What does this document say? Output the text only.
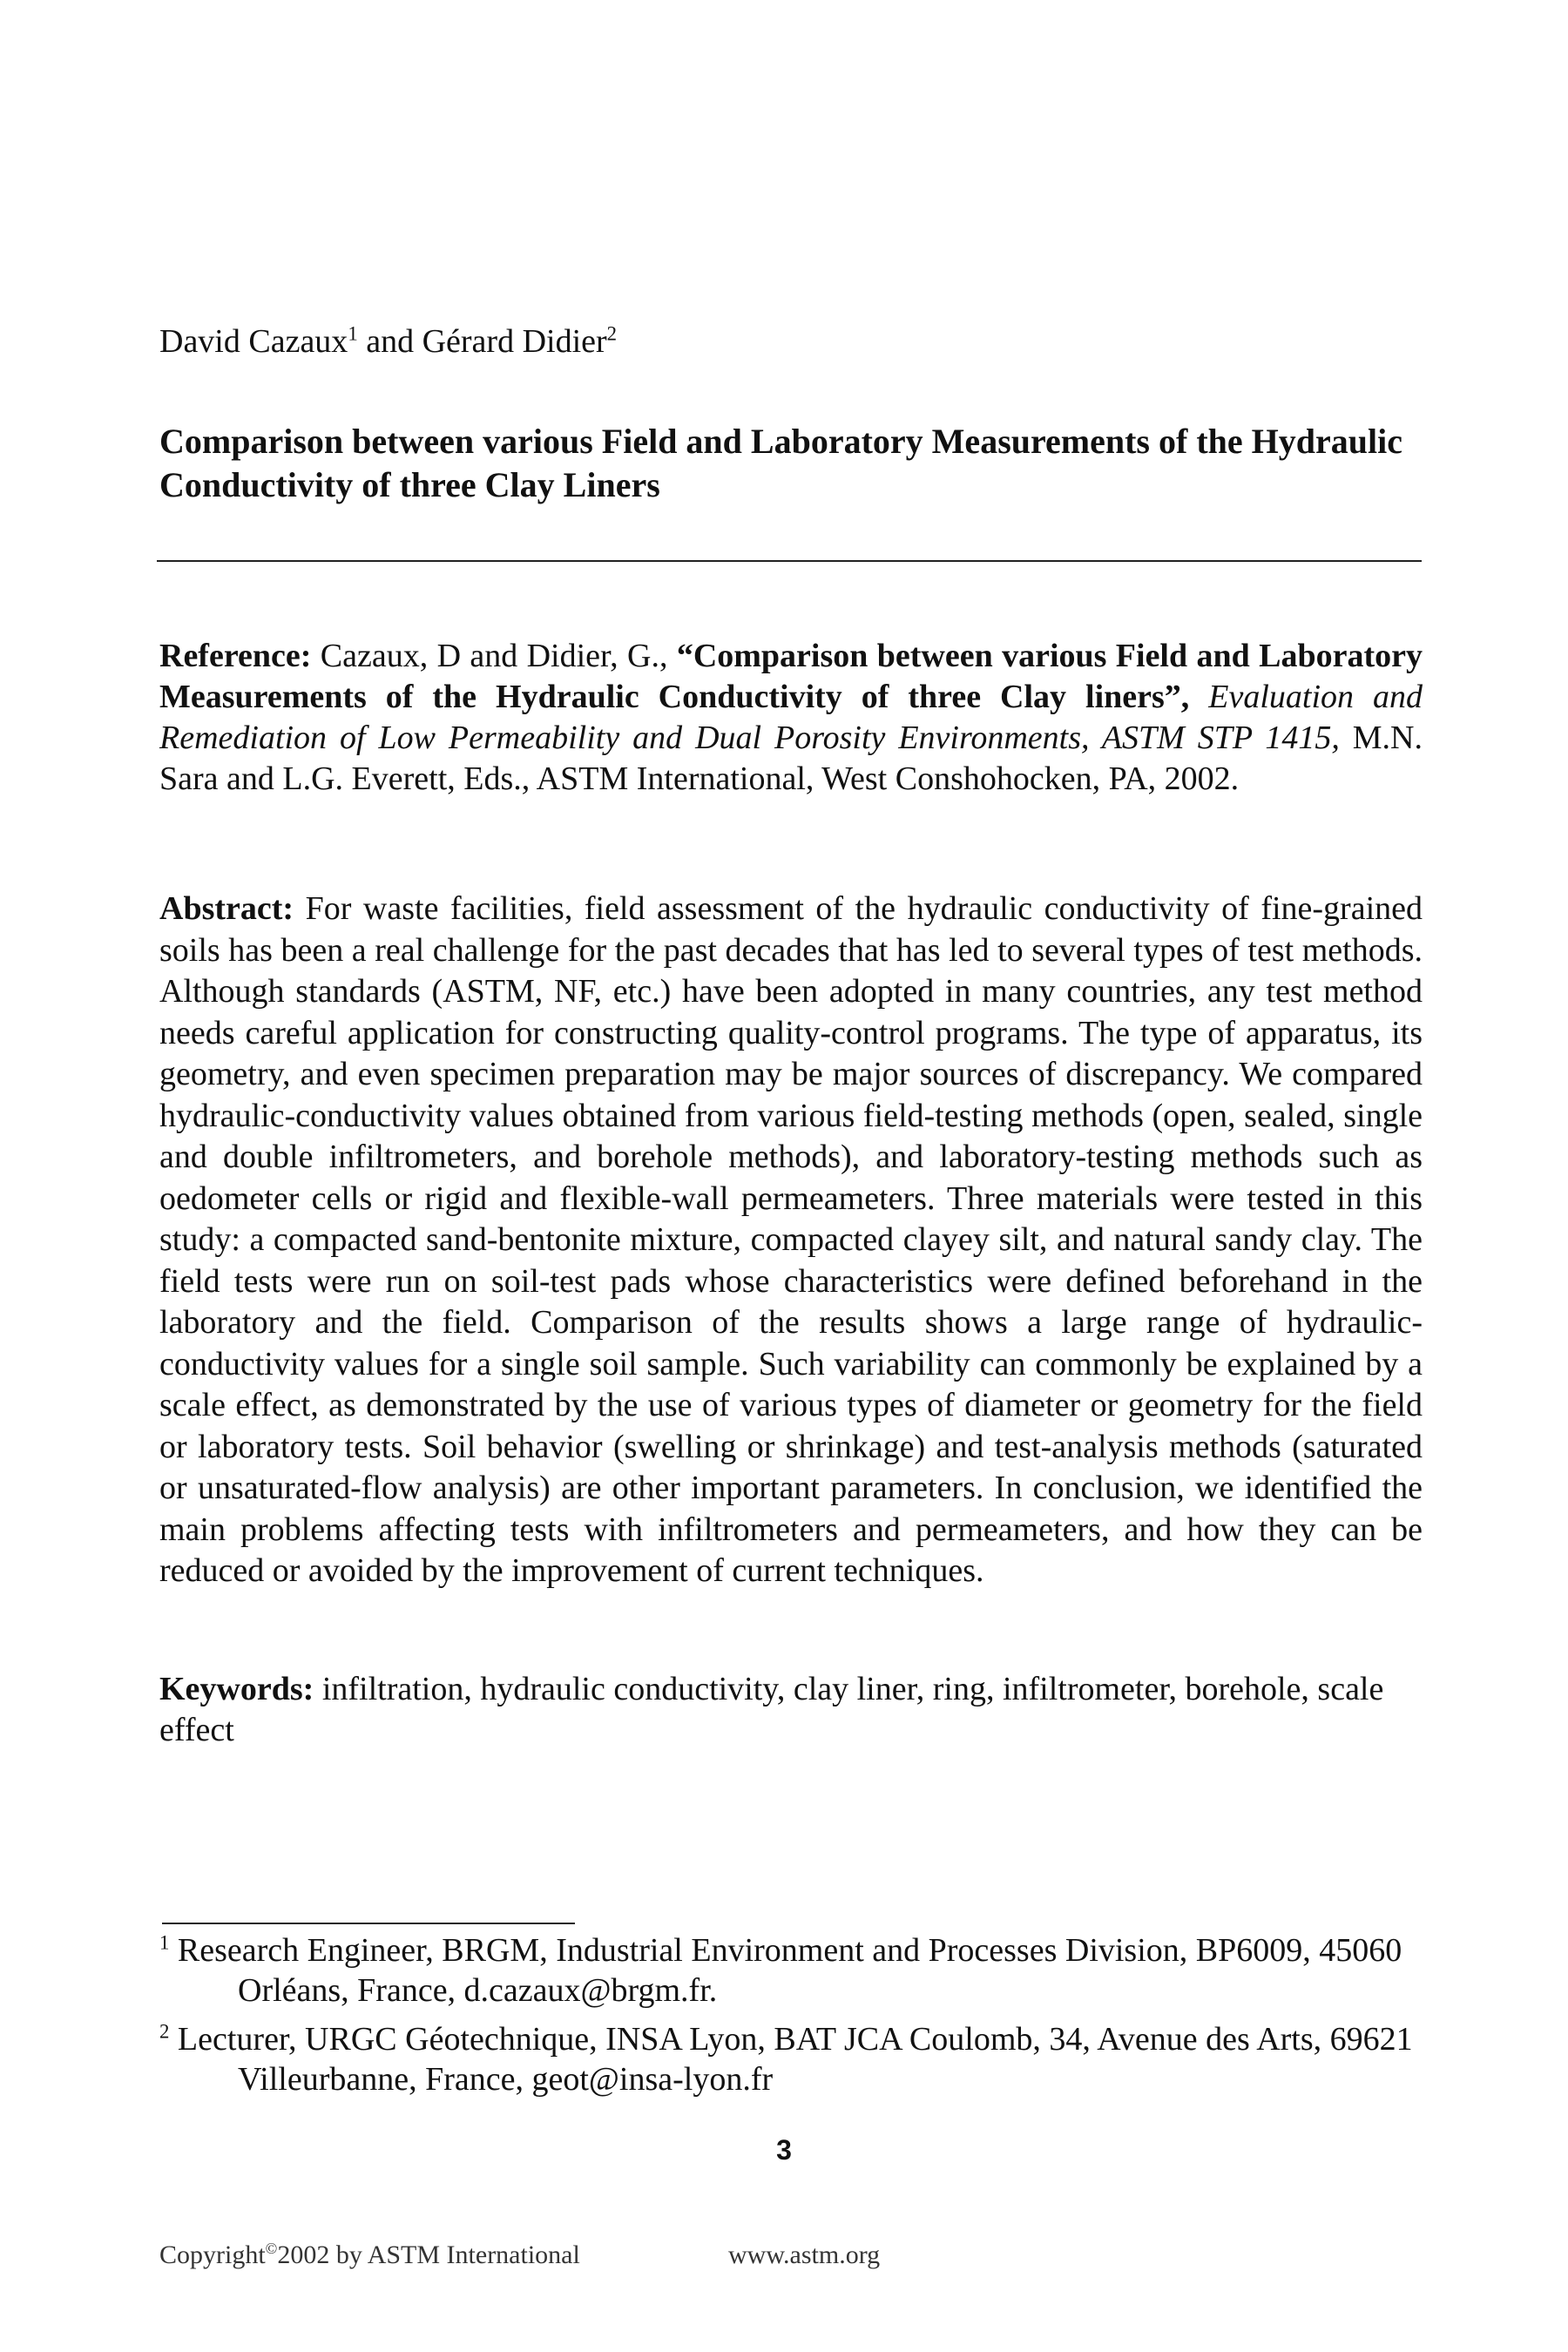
David Cazaux$^1$ and Gérard Didier$^2$
Comparison between various Field and Laboratory Measurements of the Hydraulic Conductivity of three Clay Liners
Reference: Cazaux, D and Didier, G., “Comparison between various Field and Laboratory Measurements of the Hydraulic Conductivity of three Clay liners”, Evaluation and Remediation of Low Permeability and Dual Porosity Environments, ASTM STP 1415, M.N. Sara and L.G. Everett, Eds., ASTM International, West Conshohocken, PA, 2002.
Abstract: For waste facilities, field assessment of the hydraulic conductivity of fine-grained soils has been a real challenge for the past decades that has led to several types of test methods. Although standards (ASTM, NF, etc.) have been adopted in many countries, any test method needs careful application for constructing quality-control programs. The type of apparatus, its geometry, and even specimen preparation may be major sources of discrepancy. We compared hydraulic-conductivity values obtained from various field-testing methods (open, sealed, single and double infiltrometers, and borehole methods), and laboratory-testing methods such as oedometer cells or rigid and flexible-wall permeameters. Three materials were tested in this study: a compacted sand-bentonite mixture, compacted clayey silt, and natural sandy clay. The field tests were run on soil-test pads whose characteristics were defined beforehand in the laboratory and the field. Comparison of the results shows a large range of hydraulic-conductivity values for a single soil sample. Such variability can commonly be explained by a scale effect, as demonstrated by the use of various types of diameter or geometry for the field or laboratory tests. Soil behavior (swelling or shrinkage) and test-analysis methods (saturated or unsaturated-flow analysis) are other important parameters. In conclusion, we identified the main problems affecting tests with infiltrometers and permeameters, and how they can be reduced or avoided by the improvement of current techniques.
Keywords: infiltration, hydraulic conductivity, clay liner, ring, infiltrometer, borehole, scale effect
$^1$ Research Engineer, BRGM, Industrial Environment and Processes Division, BP6009, 45060 Orléans, France, d.cazaux@brgm.fr.
$^2$ Lecturer, URGC Géotechnique, INSA Lyon, BAT JCA Coulomb, 34, Avenue des Arts, 69621 Villeurbanne, France, geot@insa-lyon.fr
3
Copyright©2002 by ASTM International	www.astm.org
